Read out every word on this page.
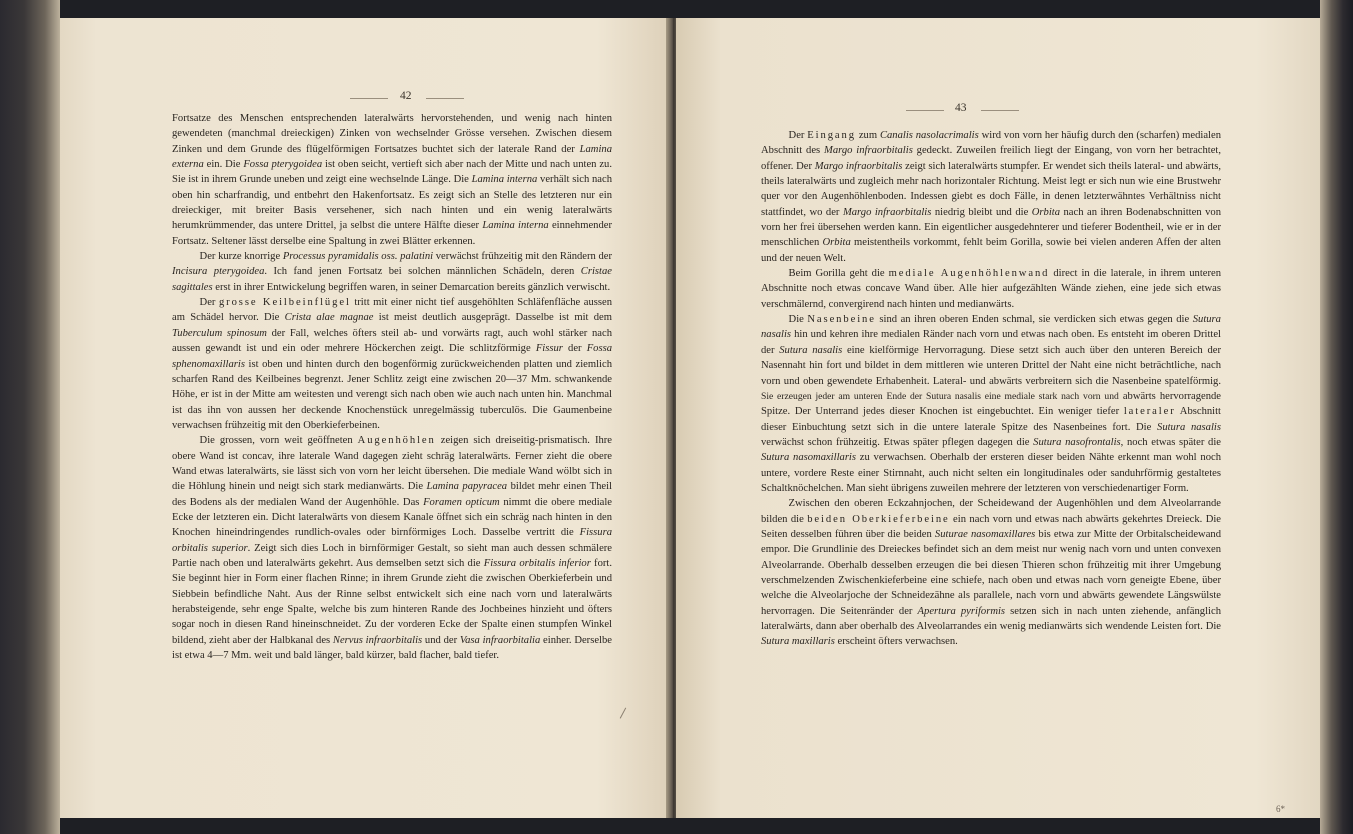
42

Fortsatze des Menschen entsprechenden lateralwärts hervorstehenden, und wenig nach hinten gewendeten (manchmal dreieckigen) Zinken von wechselnder Grösse versehen. Zwischen diesem Zinken und dem Grunde des flügelförmigen Fortsatzes buchtet sich der laterale Rand der Lamina externa ein. Die Fossa pterygoidea ist oben seicht, vertieft sich aber nach der Mitte und nach unten zu. Sie ist in ihrem Grunde uneben und zeigt eine wechselnde Länge. Die Lamina interna verhält sich nach oben hin scharfrandig, und entbehrt den Hakenfortsatz. Es zeigt sich an Stelle des letzteren nur ein dreieckiger, mit breiter Basis versehener, sich nach hinten und ein wenig lateralwärts herumkrümmender, das untere Drittel, ja selbst die untere Hälfte dieser Lamina interna einnehmender Fortsatz. Seltener lässt derselbe eine Spaltung in zwei Blätter erkennen.

Der kurze knorrige Processus pyramidalis oss. palatini verwächst frühzeitig mit den Rändern der Incisura pterygoidea. Ich fand jenen Fortsatz bei solchen männlichen Schädeln, deren Cristae sagittales erst in ihrer Entwickelung begriffen waren, in seiner Demarcation bereits gänzlich verwischt.

Der grosse Keilbeinflügel tritt mit einer nicht tief ausgehöhlten Schläfenfläche aussen am Schädel hervor. Die Crista alae magnae ist meist deutlich ausgeprägt. Dasselbe ist mit dem Tuberculum spinosum der Fall, welches öfters steil ab- und vorwärts ragt, auch wohl stärker nach aussen gewandt ist und ein oder mehrere Höckerchen zeigt. Die schlitzförmige Fissur der Fossa sphenomaxillaris ist oben und hinten durch den bogenförmig zurückweichenden platten und ziemlich scharfen Rand des Keilbeines begrenzt. Jener Schlitz zeigt eine zwischen 20—37 Mm. schwankende Höhe, er ist in der Mitte am weitesten und verengt sich nach oben wie auch nach unten hin. Manchmal ist das ihn von aussen her deckende Knochenstück unregelmässig tuberculös. Die Gaumenbeine verwachsen frühzeitig mit den Oberkieferbeinen.

Die grossen, vorn weit geöffneten Augenhöhlen zeigen sich dreiseitig-prismatisch. Ihre obere Wand ist concav, ihre laterale Wand dagegen zieht schräg lateralwärts. Ferner zieht die obere Wand etwas lateralwärts, sie lässt sich von vorn her leicht übersehen. Die mediale Wand wölbt sich in die Höhlung hinein und neigt sich stark medianwärts. Die Lamina papyracea bildet mehr einen Theil des Bodens als der medialen Wand der Augenhöhle. Das Foramen opticum nimmt die obere mediale Ecke der letzteren ein. Dicht lateralwärts von diesem Kanale öffnet sich ein schräg nach hinten in den Knochen hineindringendes rundlich-ovales oder birnförmiges Loch. Dasselbe vertritt die Fissura orbitalis superior. Zeigt sich dies Loch in birnförmiger Gestalt, so sieht man auch dessen schmälere Partie nach oben und lateralwärts gekehrt. Aus demselben setzt sich die Fissura orbitalis inferior fort. Sie beginnt hier in Form einer flachen Rinne; in ihrem Grunde zieht die zwischen Oberkieferbein und Siebbein befindliche Naht. Aus der Rinne selbst entwickelt sich eine nach vorn und lateralwärts herabsteigende, sehr enge Spalte, welche bis zum hinteren Rande des Jochbeines hinzieht und öfters sogar noch in diesen Rand hineinschneidet. Zu der vorderen Ecke der Spalte einen stumpfen Winkel bildend, zieht aber der Halbkanal des Nervus infraorbitalis und der Vasa infraorbitalia einher. Derselbe ist etwa 4—7 Mm. weit und bald länger, bald kürzer, bald flacher, bald tiefer.

43

Der Eingang zum Canalis nasolacrimalis wird von vorn her häufig durch den (scharfen) medialen Abschnitt des Margo infraorbitalis gedeckt. Zuweilen freilich liegt der Eingang, von vorn her betrachtet, offener. Der Margo infraorbitalis zeigt sich lateralwärts stumpfer. Er wendet sich theils lateral- und abwärts, theils lateralwärts und zugleich mehr nach horizontaler Richtung. Meist legt er sich nun wie eine Brustwehr quer vor den Augenhöhlenboden. Indessen giebt es doch Fälle, in denen letzterwähntes Verhältniss nicht stattfindet, wo der Margo infraorbitalis niedrig bleibt und die Orbita nach an ihren Bodenabschnitten von vorn her frei übersehen werden kann. Ein eigentlicher ausgedehnterer und tieferer Bodentheil, wie er in der menschlichen Orbita meistentheils vorkommt, fehlt beim Gorilla, sowie bei vielen anderen Affen der alten und der neuen Welt.

Beim Gorilla geht die mediale Augenhöhlenwand direct in die laterale, in ihrem unteren Abschnitte noch etwas concave Wand über. Alle hier aufgezählten Wände ziehen, eine jede sich etwas verschmälernd, convergirend nach hinten und medianwärts.

Die Nasenbeine sind an ihren oberen Enden schmal, sie verdicken sich etwas gegen die Sutura nasalis hin und kehren ihre medialen Ränder nach vorn und etwas nach oben. Es entsteht im oberen Drittel der Sutura nasalis eine kielförmige Hervorragung. Diese setzt sich auch über den unteren Bereich der Nasennaht hin fort und bildet in dem mittleren wie unteren Drittel der Naht eine nicht beträchtliche, nach vorn und oben gewendete Erhabenheit. Lateral- und abwärts verbreitern sich die Nasenbeine spatelförmig. Sie erzeugen jeder am unteren Ende der Sutura nasalis eine mediale stark nach vorn und abwärts hervorragende Spitze. Der Unterrand jedes dieser Knochen ist eingebuchtet. Ein weniger tiefer lateraler Abschnitt dieser Einbuchtung setzt sich in die untere laterale Spitze des Nasenbeines fort. Die Sutura nasalis verwächst schon frühzeitig. Etwas später pflegen dagegen die Sutura nasofrontalis, noch etwas später die Sutura nasomaxillaris zu verwachsen. Oberhalb der ersteren dieser beiden Nähte erkennt man wohl noch untere, vordere Reste einer Stirnnaht, auch nicht selten ein longitudinales oder sanduhrförmig gestaltetes Schaltknöchelchen. Man sieht übrigens zuweilen mehrere der letzteren von verschiedenartiger Form.

Zwischen den oberen Eckzahnjochen, der Scheidewand der Augenhöhlen und dem Alveolarrande bilden die beiden Oberkieferbeine ein nach vorn und etwas nach abwärts gekehrtes Dreieck. Die Seiten desselben führen über die beiden Suturae nasomaxillares bis etwa zur Mitte der Orbitalscheidewand empor. Die Grundlinie des Dreieckes befindet sich an dem meist nur wenig nach vorn und unten convexen Alveolarrande. Oberhalb desselben erzeugen die bei diesen Thieren schon frühzeitig mit ihrer Umgebung verschmelzenden Zwischenkieferbeine eine schiefe, nach oben und etwas nach vorn geneigte Ebene, über welche die Alveolarjoche der Schneidezähne als parallele, nach vorn und abwärts gewendete Längswülste hervorragen. Die Seitenränder der Apertura pyriformis setzen sich in nach unten ziehende, anfänglich lateralwärts, dann aber oberhalb des Alveolarrandes ein wenig medianwärts sich wendende Leisten fort. Die Sutura maxillaris erscheint öfters verwachsen.

6*
